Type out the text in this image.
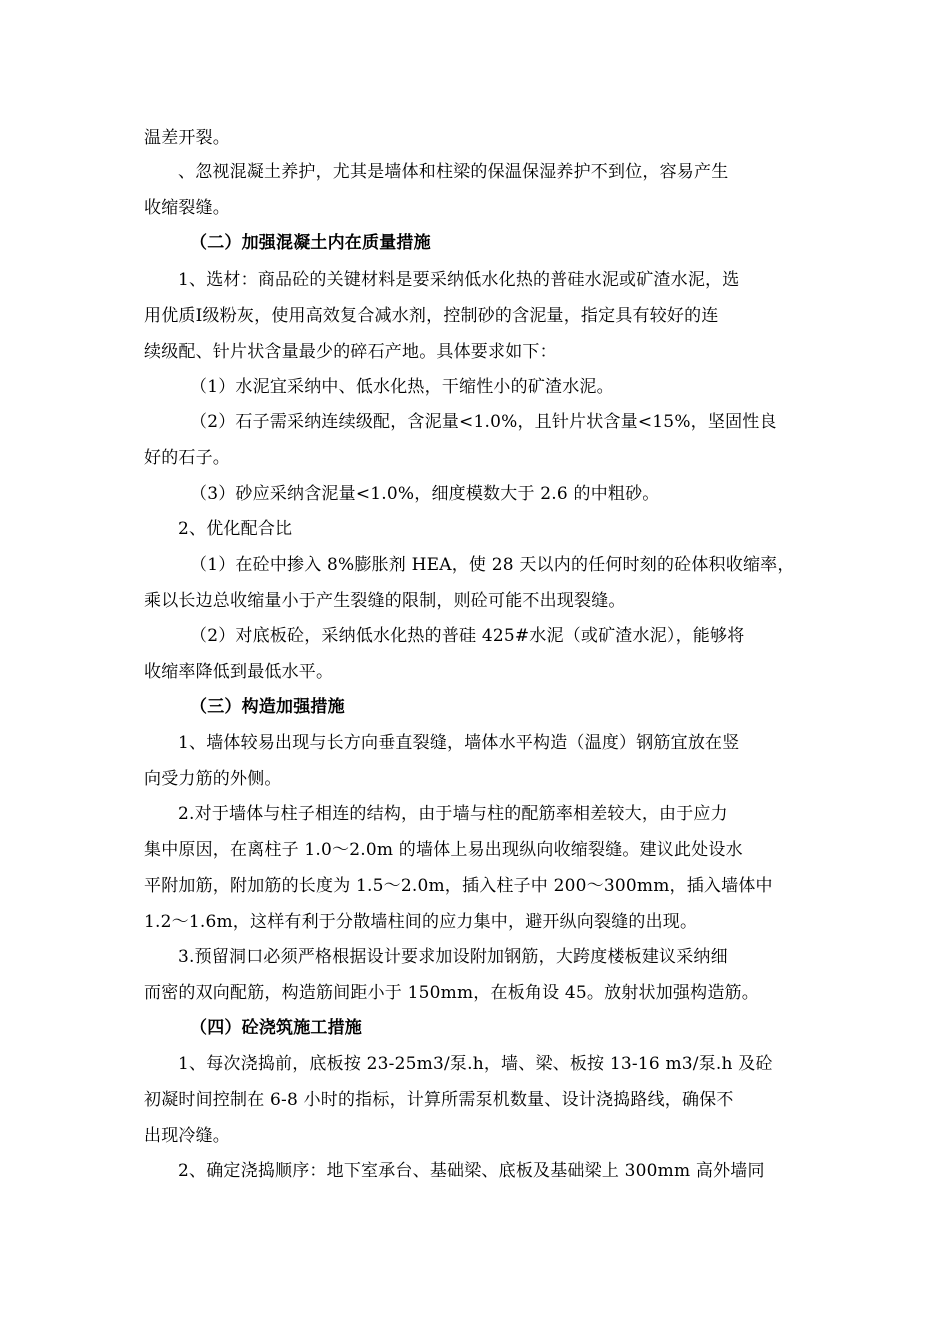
温差开裂。
、忽视混凝土养护，尤其是墙体和柱梁的保温保湿养护不到位，容易产生
收缩裂缝。
（二）加强混凝土内在质量措施
1、选材：商品砼的关键材料是要采纳低水化热的普硅水泥或矿渣水泥，选
用优质Ⅰ级粉灰，使用高效复合减水剂，控制砂的含泥量，指定具有较好的连
续级配、针片状含量最少的碎石产地。具体要求如下：
（1）水泥宜采纳中、低水化热，干缩性小的矿渣水泥。
（2）石子需采纳连续级配，含泥量<1.0%，且针片状含量<15%，坚固性良
好的石子。
（3）砂应采纳含泥量<1.0%，细度模数大于 2.6 的中粗砂。
2、优化配合比
（1）在砼中掺入 8%膨胀剂 HEA，使 28 天以内的任何时刻的砼体积收缩率，
乘以长边总收缩量小于产生裂缝的限制，则砼可能不出现裂缝。
（2）对底板砼，采纳低水化热的普硅 425#水泥（或矿渣水泥），能够将
收缩率降低到最低水平。
（三）构造加强措施
1、墙体较易出现与长方向垂直裂缝，墙体水平构造（温度）钢筋宜放在竖
向受力筋的外侧。
2.对于墙体与柱子相连的结构，由于墙与柱的配筋率相差较大，由于应力
集中原因，在离柱子 1.0～2.0m 的墙体上易出现纵向收缩裂缝。建议此处设水
平附加筋，附加筋的长度为 1.5～2.0m，插入柱子中 200～300mm，插入墙体中
1.2～1.6m，这样有利于分散墙柱间的应力集中，避开纵向裂缝的出现。
3.预留洞口必须严格根据设计要求加设附加钢筋，大跨度楼板建议采纳细
而密的双向配筋，构造筋间距小于 150mm，在板角设 45。放射状加强构造筋。
（四）砼浇筑施工措施
1、每次浇捣前，底板按 23-25m3/泵.h，墙、梁、板按 13-16 m3/泵.h 及砼
初凝时间控制在 6-8 小时的指标，计算所需泵机数量、设计浇捣路线，确保不
出现冷缝。
2、确定浇捣顺序：地下室承台、基础梁、底板及基础梁上 300mm 高外墙同
